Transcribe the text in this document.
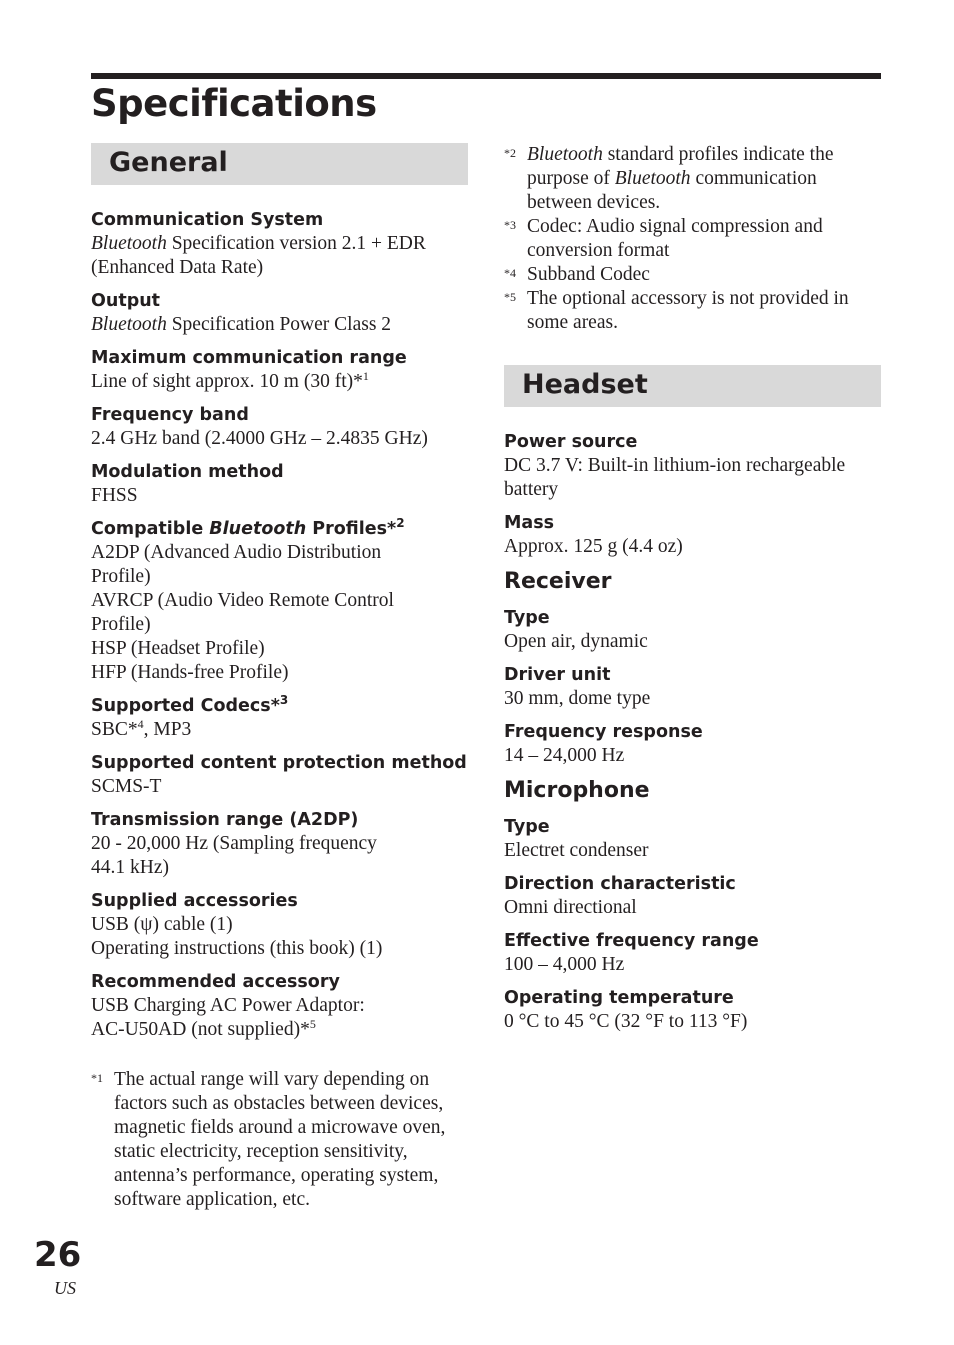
Specifications
General
Communication System
Bluetooth Specification version 2.1 + EDR
(Enhanced Data Rate)
Output
Bluetooth Specification Power Class 2
Maximum communication range
Line of sight approx. 10 m (30 ft)*$^1$
Frequency band
2.4 GHz band (2.4000 GHz – 2.4835 GHz)
Modulation method
FHSS
Compatible Bluetooth Profiles*$^2$
A2DP (Advanced Audio Distribution
Profile)
AVRCP (Audio Video Remote Control
Profile)
HSP (Headset Profile)
HFP (Hands-free Profile)
Supported Codecs*$^3$
SBC*$^4$, MP3
Supported content protection method
SCMS-T
Transmission range (A2DP)
20 - 20,000 Hz (Sampling frequency
44.1 kHz)
Supplied accessories
USB (ψ) cable (1)
Operating instructions (this book) (1)
Recommended accessory
USB Charging AC Power Adaptor:
AC-U50AD (not supplied)*$^5$
*1 The actual range will vary depending on factors such as obstacles between devices, magnetic fields around a microwave oven, static electricity, reception sensitivity, antenna’s performance, operating system, software application, etc.
*2 Bluetooth standard profiles indicate the purpose of Bluetooth communication between devices.
*3 Codec: Audio signal compression and conversion format
*4 Subband Codec
*5 The optional accessory is not provided in some areas.
Headset
Power source
DC 3.7 V: Built-in lithium-ion rechargeable
battery
Mass
Approx. 125 g (4.4 oz)
Receiver
Type
Open air, dynamic
Driver unit
30 mm, dome type
Frequency response
14 – 24,000 Hz
Microphone
Type
Electret condenser
Direction characteristic
Omni directional
Effective frequency range
100 – 4,000 Hz
Operating temperature
0 °C to 45 °C (32 °F to 113 °F)
26
US
